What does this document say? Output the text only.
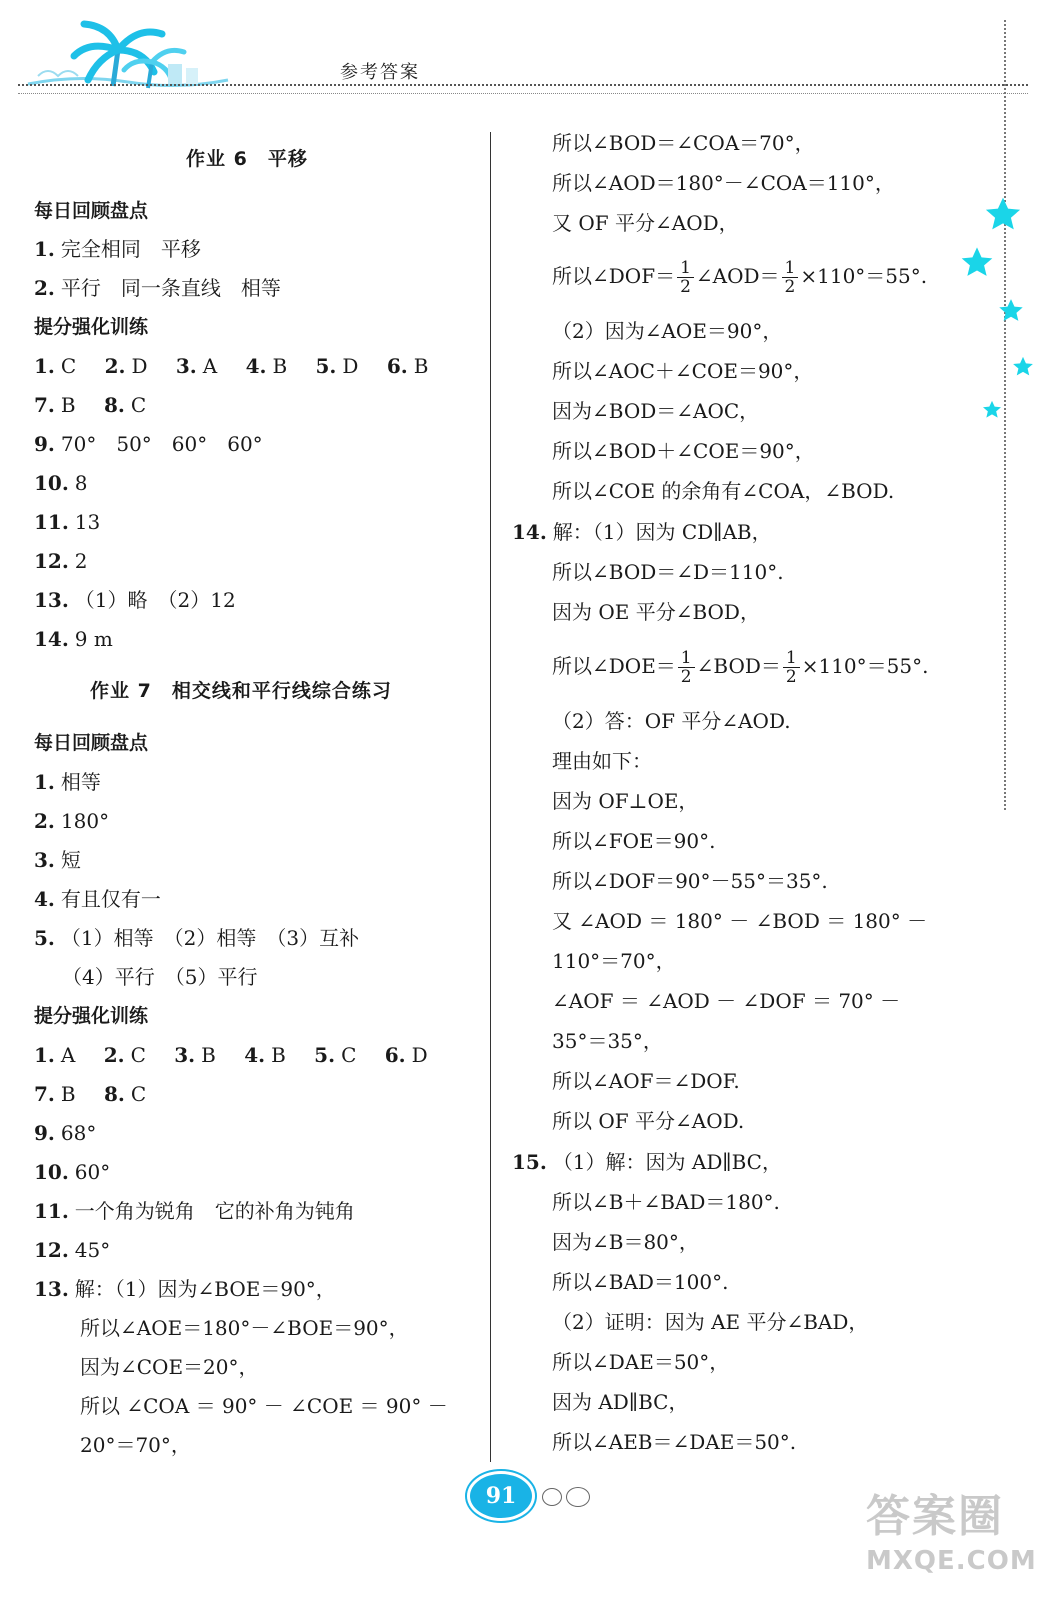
参考答案
作业 6　平移
每日回顾盘点
1. 完全相同　平移
2. 平行　同一条直线　相等
提分强化训练
1. C 2. D 3. A 4. B 5. D 6. B
7. B 8. C
9. 70°　50°　60°　60°
10. 8
11. 13
12. 2
13. （1）略　（2）12
14. 9 m
作业 7　相交线和平行线综合练习
每日回顾盘点
1. 相等
2. 180°
3. 短
4. 有且仅有一
5. （1）相等　（2）相等　（3）互补
（4）平行　（5）平行
提分强化训练
1. A 2. C 3. B 4. B 5. C 6. D
7. B 8. C
9. 68°
10. 60°
11. 一个角为锐角　它的补角为钝角
12. 45°
13. 解：（1）因为∠BOE＝90°，
所以∠AOE＝180°－∠BOE＝90°，
因为∠COE＝20°，
所以 ∠COA ＝ 90° － ∠COE ＝ 90° －
20°＝70°，
所以∠BOD＝∠COA＝70°，
所以∠AOD＝180°－∠COA＝110°，
又 OF 平分∠AOD，
所以∠DOF＝ $\frac{1}{2}$ ∠AOD＝ $\frac{1}{2} \times 110^\circ=55^\circ$.
（2）因为∠AOE＝90°，
所以∠AOC＋∠COE＝90°，
因为∠BOD＝∠AOC，
所以∠BOD＋∠COE＝90°，
所以∠COE 的余角有∠COA，∠BOD.
14. 解：（1）因为 CD∥AB，
所以∠BOD＝∠D＝110°.
因为 OE 平分∠BOD，
所以∠DOE＝ $\frac{1}{2}$ ∠BOD＝ $\frac{1}{2} \times 110^\circ=55^\circ$.
（2）答：OF 平分∠AOD.
理由如下：
因为 OF⊥OE，
所以∠FOE＝90°.
所以∠DOF＝90°－55°＝35°.
又 ∠AOD ＝ 180° － ∠BOD ＝ 180° －
110°＝70°，
∠AOF ＝ ∠AOD － ∠DOF ＝ 70° －
35°＝35°，
所以∠AOF＝∠DOF.
所以 OF 平分∠AOD.
15. （1）解：因为 AD∥BC，
所以∠B＋∠BAD＝180°.
因为∠B＝80°，
所以∠BAD＝100°.
（2）证明：因为 AE 平分∠BAD，
所以∠DAE＝50°，
因为 AD∥BC，
所以∠AEB＝∠DAE＝50°.
91	答案圈
MXQE.COM
